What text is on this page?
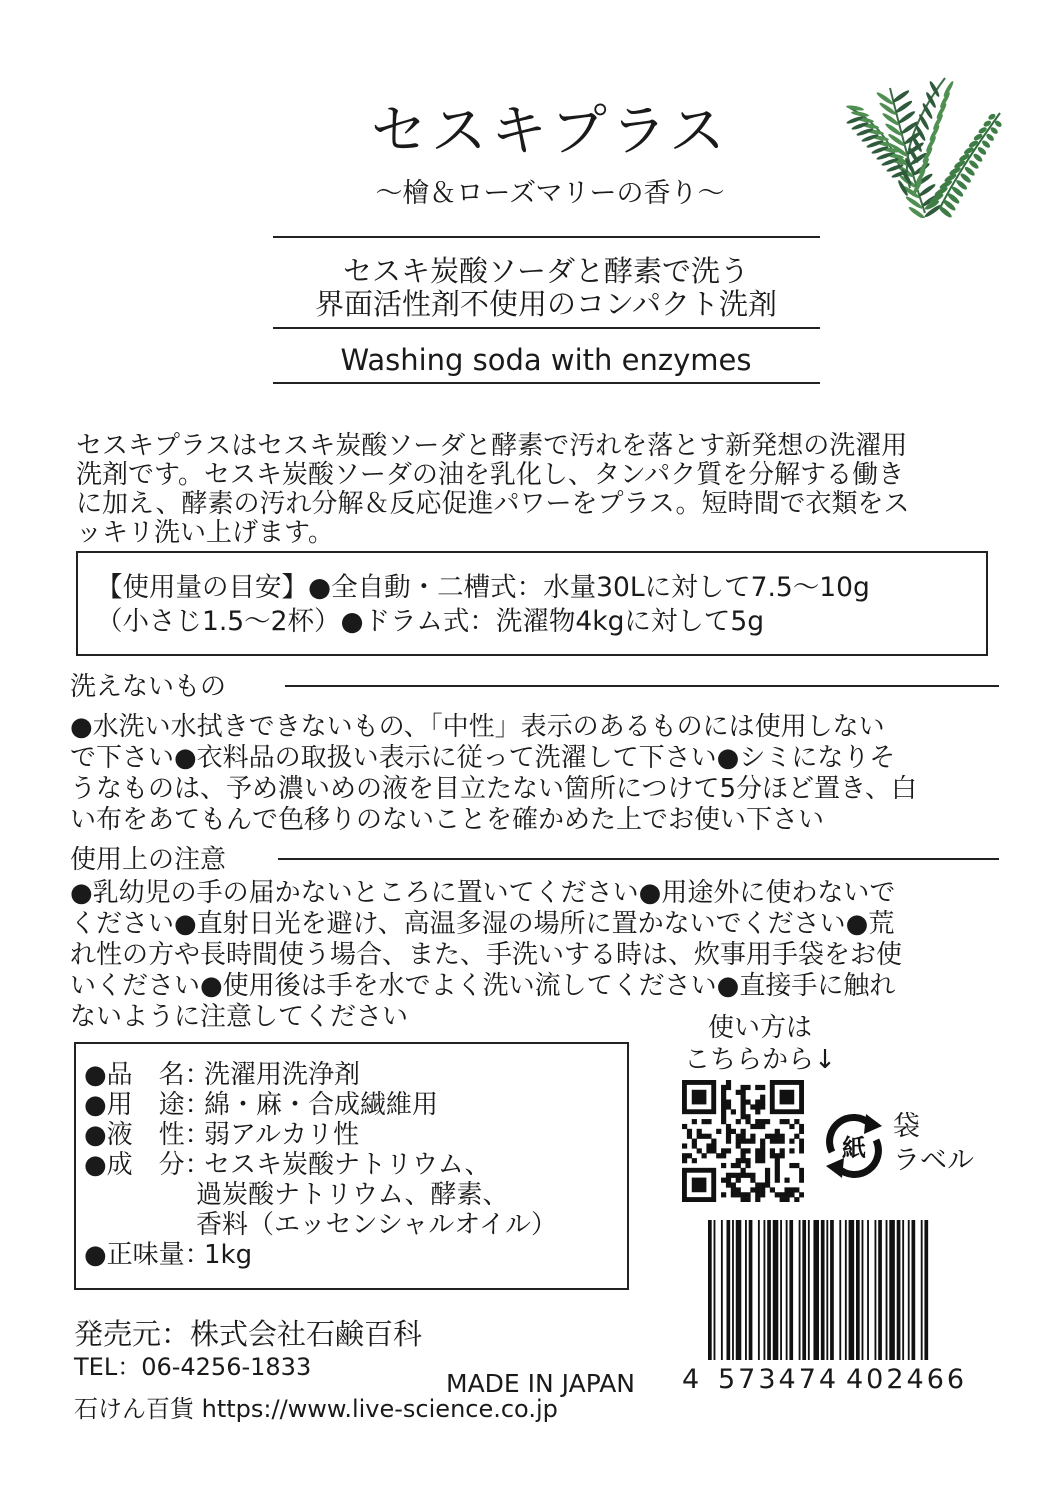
セスキプラス
〜檜＆ローズマリーの香り〜
セスキ炭酸ソーダと酵素で洗う
界面活性剤不使用のコンパクト洗剤
Washing soda with enzymes
セスキプラスはセスキ炭酸ソーダと酵素で汚れを落とす新発想の洗濯用
洗剤です。セスキ炭酸ソーダの油を乳化し、タンパク質を分解する働き
に加え、酵素の汚れ分解＆反応促進パワーをプラス。短時間で衣類をス
ッキリ洗い上げます。
【使用量の目安】●全自動・二槽式：水量30Lに対して7.5〜10g
（小さじ1.5〜2杯）●ドラム式：洗濯物4kgに対して5g
洗えないもの
●水洗い水拭きできないもの、「中性」表示のあるものには使用しない
で下さい●衣料品の取扱い表示に従って洗濯して下さい●シミになりそ
うなものは、予め濃いめの液を目立たない箇所につけて5分ほど置き、白
い布をあてもんで色移りのないことを確かめた上でお使い下さい
使用上の注意
●乳幼児の手の届かないところに置いてください●用途外に使わないで
ください●直射日光を避け、高温多湿の場所に置かないでください●荒
れ性の方や長時間使う場合、また、手洗いする時は、炊事用手袋をお使
いください●使用後は手を水でよく洗い流してください●直接手に触れ
ないように注意してください
●品　名：
洗濯用洗浄剤
●用　途：
綿・麻・合成繊維用
●液　性：
弱アルカリ性
●成　分：
セスキ炭酸ナトリウム、
過炭酸ナトリウム、酵素、
香料（エッセンシャルオイル）
●正味量：
1kg
使い方は
こちらから↓
紙
袋
ラベル
発売元：株式会社石鹸百科
TEL：06-4256-1833
石けん百貨 https://www.live-science.co.jp
MADE IN JAPAN 4 573474 402466
